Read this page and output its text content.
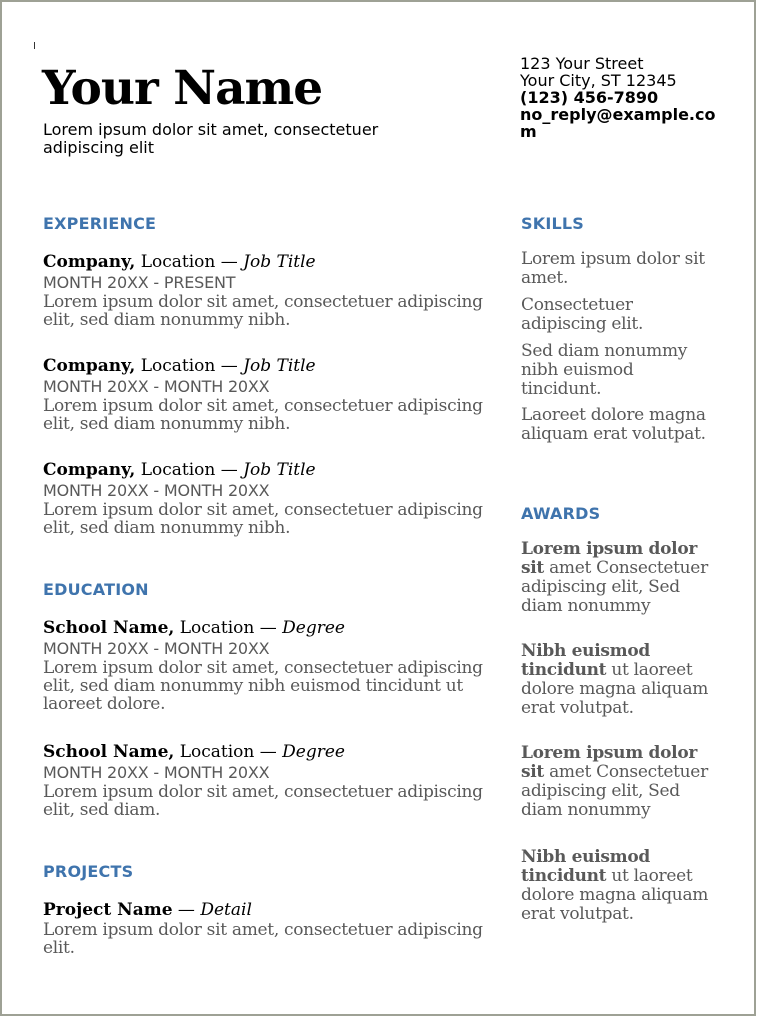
Your Name
Lorem ipsum dolor sit amet, consectetuer adipiscing elit
123 Your Street
Your City, ST 12345
(123) 456-7890
no_reply@example.com
EXPERIENCE
Company, Location — Job Title
MONTH 20XX - PRESENT
Lorem ipsum dolor sit amet, consectetuer adipiscing elit, sed diam nonummy nibh.
Company, Location — Job Title
MONTH 20XX - MONTH 20XX
Lorem ipsum dolor sit amet, consectetuer adipiscing elit, sed diam nonummy nibh.
Company, Location — Job Title
MONTH 20XX - MONTH 20XX
Lorem ipsum dolor sit amet, consectetuer adipiscing elit, sed diam nonummy nibh.
EDUCATION
School Name, Location — Degree
MONTH 20XX - MONTH 20XX
Lorem ipsum dolor sit amet, consectetuer adipiscing elit, sed diam nonummy nibh euismod tincidunt ut laoreet dolore.
School Name, Location — Degree
MONTH 20XX - MONTH 20XX
Lorem ipsum dolor sit amet, consectetuer adipiscing elit, sed diam.
PROJECTS
Project Name — Detail
Lorem ipsum dolor sit amet, consectetuer adipiscing elit.
SKILLS
Lorem ipsum dolor sit amet.
Consectetuer adipiscing elit.
Sed diam nonummy nibh euismod tincidunt.
Laoreet dolore magna aliquam erat volutpat.
AWARDS
Lorem ipsum dolor sit amet Consectetuer adipiscing elit, Sed diam nonummy
Nibh euismod tincidunt ut laoreet dolore magna aliquam erat volutpat.
Lorem ipsum dolor sit amet Consectetuer adipiscing elit, Sed diam nonummy
Nibh euismod tincidunt ut laoreet dolore magna aliquam erat volutpat.
